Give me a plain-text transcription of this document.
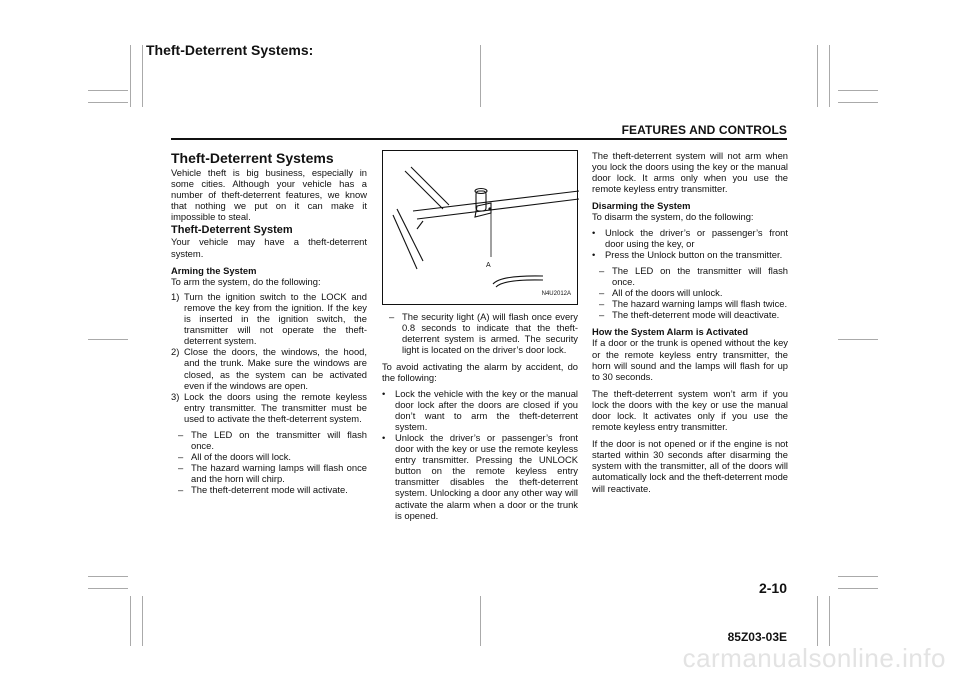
Theft-Deterrent Systems:
FEATURES AND CONTROLS
Theft-Deterrent Systems

Vehicle theft is big business, especially in some cities. Although your vehicle has a number of theft-deterrent features, we know that nothing we put on it can make it impossible to steal.

Theft-Deterrent System

Your vehicle may have a theft-deterrent system.

Arming the System

To arm the system, do the following:

1) Turn the ignition switch to the LOCK and remove the key from the ignition. If the key is inserted in the ignition switch, the transmitter will not operate the theft-deterrent system.
2) Close the doors, the windows, the hood, and the trunk. Make sure the windows are closed, as the system can be activated even if the windows are open.
3) Lock the doors using the remote keyless entry transmitter. The transmitter must be used to activate the theft-deterrent system.
– The LED on the transmitter will flash once.
– All of the doors will lock.
– The hazard warning lamps will flash once and the horn will chirp.
– The theft-deterrent mode will activate.
A
N4U2012A
– The security light (A) will flash once every 0.8 seconds to indicate that the theft-deterrent system is armed. The security light is located on the driver’s door lock.

To avoid activating the alarm by accident, do the following:

• Lock the vehicle with the key or the manual door lock after the doors are closed if you don’t want to arm the theft-deterrent system.
• Unlock the driver’s or passenger’s front door with the key or use the remote keyless entry transmitter. Pressing the UNLOCK button on the remote keyless entry transmitter disables the theft-deterrent system. Unlocking a door any other way will activate the alarm when a door or the trunk is opened.

The theft-deterrent system will not arm when you lock the doors using the key or the manual door lock. It arms only when you use the remote keyless entry transmitter.

Disarming the System

To disarm the system, do the following:

• Unlock the driver’s or passenger’s front door using the key, or
• Press the Unlock button on the transmitter.
– The LED on the transmitter will flash once.
– All of the doors will unlock.
– The hazard warning lamps will flash twice.
– The theft-deterrent mode will deactivate.
How the System Alarm is Activated

If a door or the trunk is opened without the key or the remote keyless entry transmitter, the horn will sound and the lamps will flash for up to 30 seconds.

The theft-deterrent system won’t arm if you lock the doors with the key or use the manual door lock. It activates only if you use the remote keyless entry transmitter.

If the door is not opened or if the engine is not started within 30 seconds after disarming the system with the transmitter, all of the doors will automatically lock and the theft-deterrent mode will reactivate.

2-10
85Z03-03E
carmanualsonline.info
